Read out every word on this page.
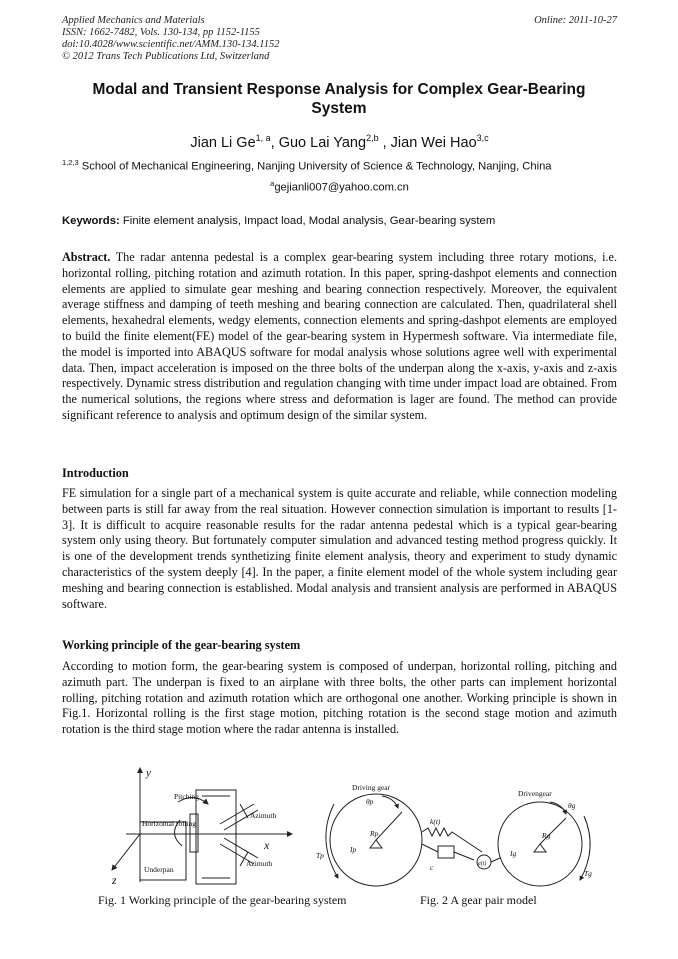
Applied Mechanics and Materials
ISSN: 1662-7482, Vols. 130-134, pp 1152-1155
doi:10.4028/www.scientific.net/AMM.130-134.1152
© 2012 Trans Tech Publications Ltd, Switzerland
Online: 2011-10-27
Modal and Transient Response Analysis for Complex Gear-Bearing System
Jian Li Ge$^{1, a}$, Guo Lai Yang$^{2,b}$ , Jian Wei Hao$^{3,c}$
$^{1,2,3}$ School of Mechanical Engineering, Nanjing University of Science & Technology, Nanjing, China
$^a$gejianli007@yahoo.com.cn
Keywords: Finite element analysis, Impact load, Modal analysis, Gear-bearing system
Abstract. The radar antenna pedestal is a complex gear-bearing system including three rotary motions, i.e. horizontal rolling, pitching rotation and azimuth rotation. In this paper, spring-dashpot elements and connection elements are applied to simulate gear meshing and bearing connection respectively. Moreover, the equivalent average stiffness and damping of teeth meshing and bearing connection are calculated. Then, quadrilateral shell elements, hexahedral elements, wedgy elements, connection elements and spring-dashpot elements are employed to build the finite element(FE) model of the gear-bearing system in Hypermesh software. Via intermediate file, the model is imported into ABAQUS software for modal analysis whose solutions agree well with experimental data. Then, impact acceleration is imposed on the three bolts of the underpan along the x-axis, y-axis and z-axis respectively. Dynamic stress distribution and regulation changing with time under impact load are obtained. From the numerical solutions, the regions where stress and deformation is lager are found. The method can provide significant reference to analysis and optimum design of the similar system.
Introduction
FE simulation for a single part of a mechanical system is quite accurate and reliable, while connection modeling between parts is still far away from the real situation. However connection simulation is important to results [1-3]. It is difficult to acquire reasonable results for the radar antenna pedestal which is a typical gear-bearing system only using theory. But fortunately computer simulation and advanced testing method progress quickly. It is one of the development trends synthetizing finite element analysis, theory and experiment to study dynamic characteristics of the system deeply [4]. In the paper, a finite element model of the whole system including gear meshing and bearing connection is established. Modal analysis and transient analysis are performed in ABAQUS software.
Working principle of the gear-bearing system
According to motion form, the gear-bearing system is composed of underpan, horizontal rolling, pitching and azimuth part. The underpan is fixed to an airplane with three bolts, the other parts can implement horizontal rolling, pitching rotation and azimuth rotation which are orthogonal one another. Working principle is shown in Fig.1. Horizontal rolling is the first stage motion, pitching rotation is the second stage motion and azimuth rotation is the third stage motion where the radar antenna is installed.
y
x
z
Pitching
Horizontal rolling
Azimuth
Azimuth
Underpan
Driving gear
Drivengear
θp	θg
Rp	Rg
Ip	Ig
Tp
Tg
k(t)
c	e(t)
Fig. 1 Working principle of the gear-bearing system	Fig. 2 A gear pair model
